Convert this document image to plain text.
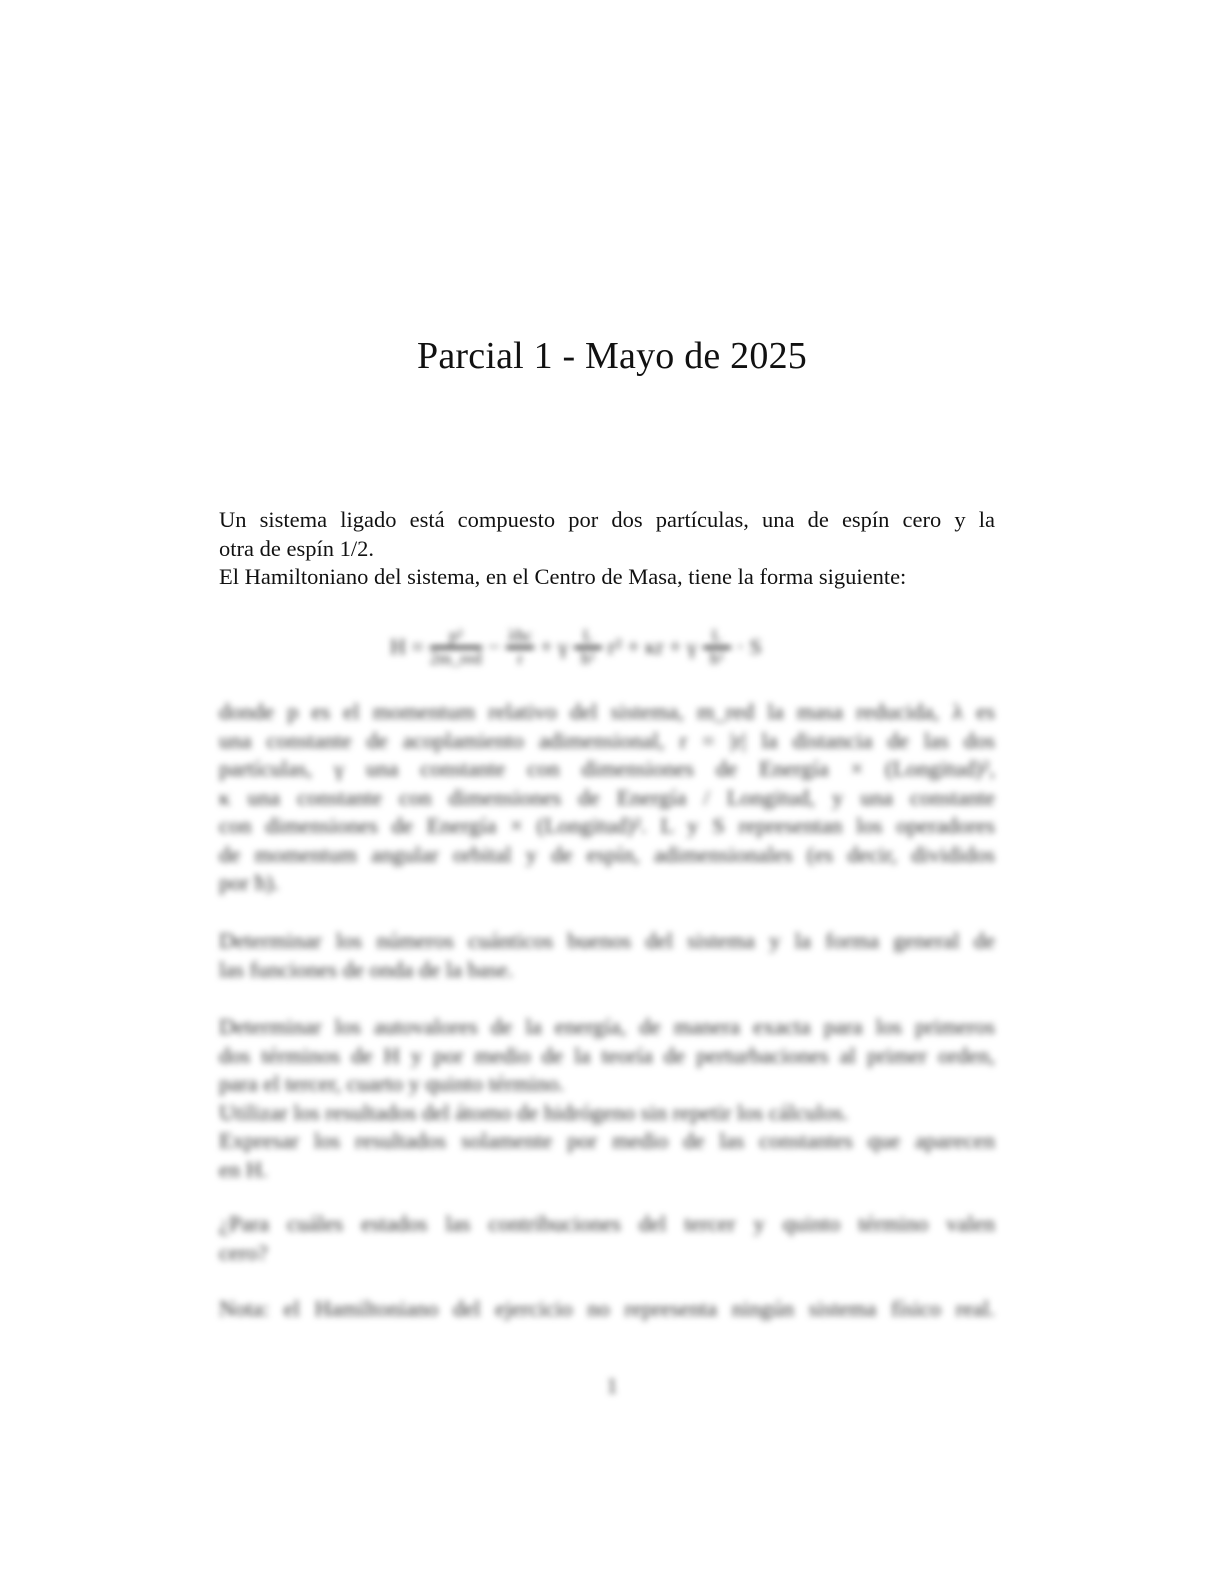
Parcial 1 - Mayo de 2025
Un sistema ligado está compuesto por dos partículas, una de espín cero y la
otra de espín 1/2.
El Hamiltoniano del sistema, en el Centro de Masa, tiene la forma siguiente:
$H = \frac{\text{p²}}{\text{2m\_red}} - \frac{\text{λħc}}{r} + \gamma \frac{L}{\text{ħ²}} r^2 + \kappa r + \gamma \frac{L}{\text{ħ²}} \cdot S$
donde p es el momentum relativo del sistema, m_red la masa reducida, λ es
una constante de acoplamiento adimensional, r = |r| la distancia de las dos
partículas, γ una constante con dimensiones de Energía × (Longitud)²,
κ una constante con dimensiones de Energía / Longitud, y una constante
con dimensiones de Energía × (Longitud)². L y S representan los operadores
de momentum angular orbital y de espín, adimensionales (es decir, divididos
por ħ).
Determinar los números cuánticos buenos del sistema y la forma general de
las funciones de onda de la base.
Determinar los autovalores de la energía, de manera exacta para los primeros
dos términos de H y por medio de la teoría de perturbaciones al primer orden,
para el tercer, cuarto y quinto término.
Utilizar los resultados del átomo de hidrógeno sin repetir los cálculos.
Expresar los resultados solamente por medio de las constantes que aparecen
en H.
¿Para cuáles estados las contribuciones del tercer y quinto término valen
cero?
Nota: el Hamiltoniano del ejercicio no representa ningún sistema físico real.
1
